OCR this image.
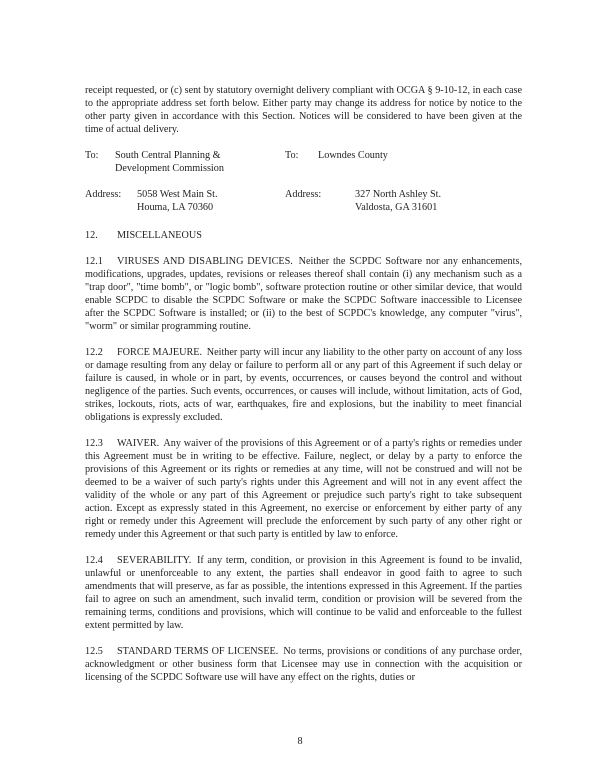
receipt requested, or (c) sent by statutory overnight delivery compliant with OCGA § 9-10-12, in each case to the appropriate address set forth below. Either party may change its address for notice by notice to the other party given in accordance with this Section. Notices will be considered to have been given at the time of actual delivery.

To:	South Central Planning &
Development Commission
To:	Lowndes County
Address:	5058 West Main St.
Houma, LA 70360
Address:	327 North Ashley St.
Valdosta, GA 31601

12. MISCELLANEOUS

12.1 VIRUSES AND DISABLING DEVICES. Neither the SCPDC Software nor any enhancements, modifications, upgrades, updates, revisions or releases thereof shall contain (i) any mechanism such as a "trap door", "time bomb", or "logic bomb", software protection routine or other similar device, that would enable SCPDC to disable the SCPDC Software or make the SCPDC Software inaccessible to Licensee after the SCPDC Software is installed; or (ii) to the best of SCPDC's knowledge, any computer "virus", "worm" or similar programming routine.

12.2 FORCE MAJEURE. Neither party will incur any liability to the other party on account of any loss or damage resulting from any delay or failure to perform all or any part of this Agreement if such delay or failure is caused, in whole or in part, by events, occurrences, or causes beyond the control and without negligence of the parties. Such events, occurrences, or causes will include, without limitation, acts of God, strikes, lockouts, riots, acts of war, earthquakes, fire and explosions, but the inability to meet financial obligations is expressly excluded.

12.3 WAIVER. Any waiver of the provisions of this Agreement or of a party's rights or remedies under this Agreement must be in writing to be effective. Failure, neglect, or delay by a party to enforce the provisions of this Agreement or its rights or remedies at any time, will not be construed and will not be deemed to be a waiver of such party's rights under this Agreement and will not in any event affect the validity of the whole or any part of this Agreement or prejudice such party's right to take subsequent action. Except as expressly stated in this Agreement, no exercise or enforcement by either party of any right or remedy under this Agreement will preclude the enforcement by such party of any other right or remedy under this Agreement or that such party is entitled by law to enforce.

12.4 SEVERABILITY. If any term, condition, or provision in this Agreement is found to be invalid, unlawful or unenforceable to any extent, the parties shall endeavor in good faith to agree to such amendments that will preserve, as far as possible, the intentions expressed in this Agreement. If the parties fail to agree on such an amendment, such invalid term, condition or provision will be severed from the remaining terms, conditions and provisions, which will continue to be valid and enforceable to the fullest extent permitted by law.

12.5 STANDARD TERMS OF LICENSEE. No terms, provisions or conditions of any purchase order, acknowledgment or other business form that Licensee may use in connection with the acquisition or licensing of the SCPDC Software use will have any effect on the rights, duties or

8
